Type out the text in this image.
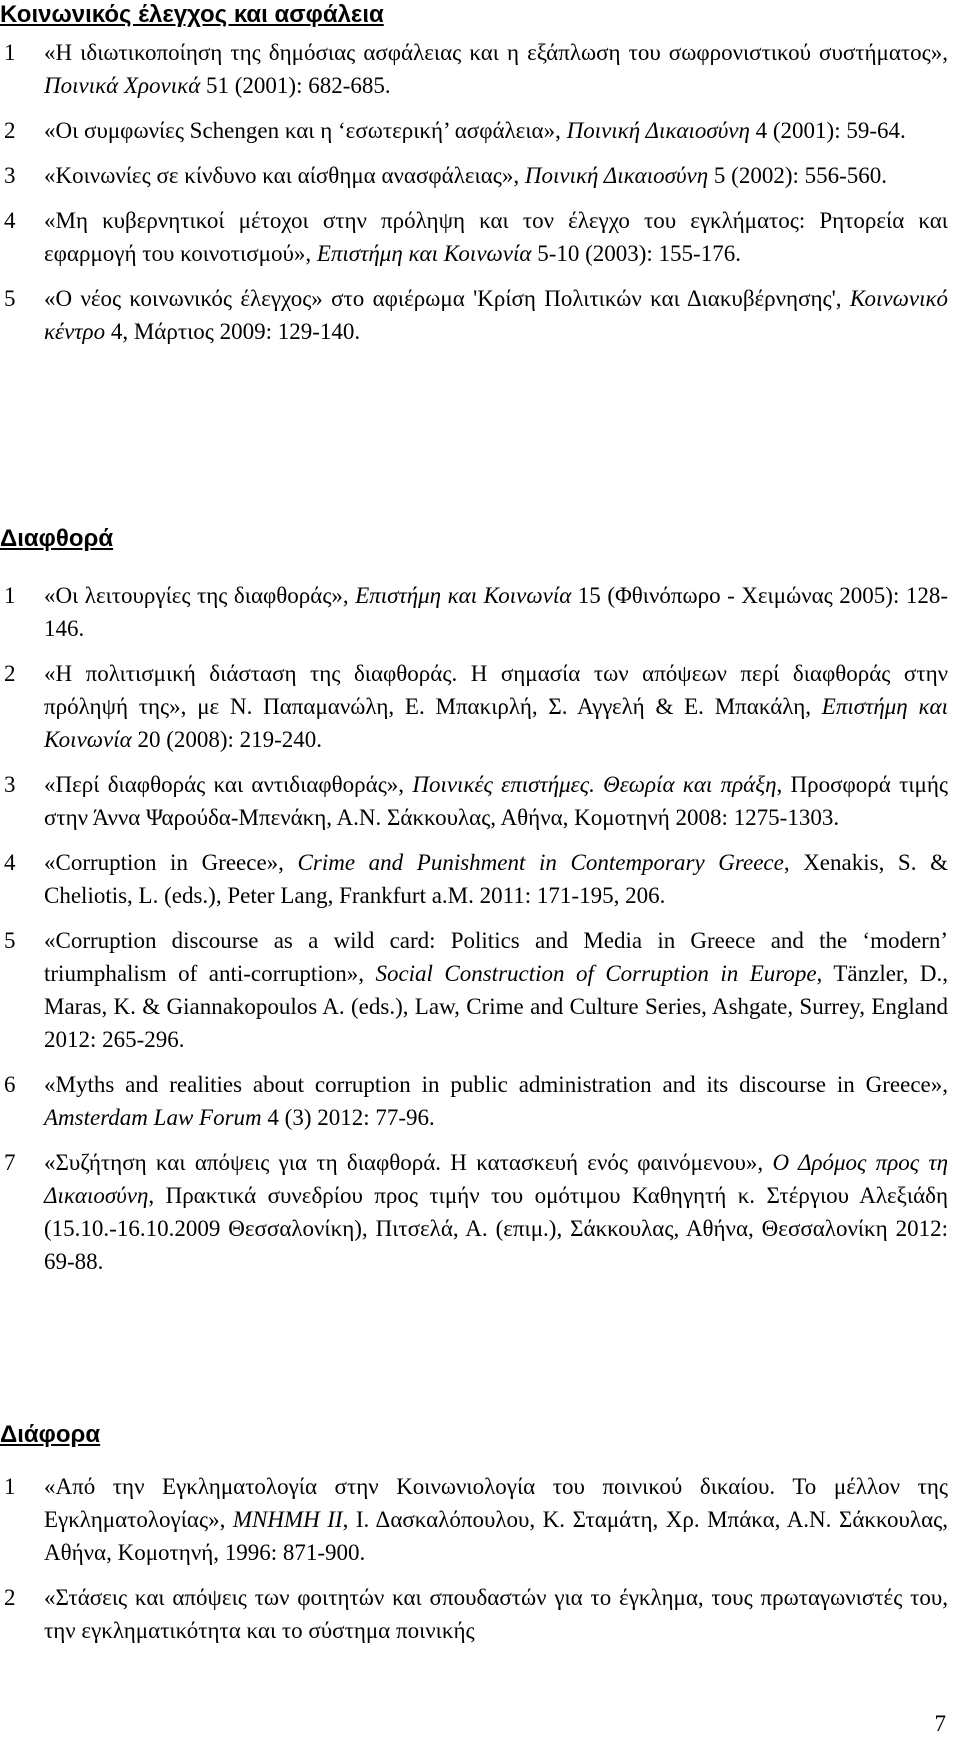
Κοινωνικός έλεγχος και ασφάλεια
1 «Η ιδιωτικοποίηση της δημόσιας ασφάλειας και η εξάπλωση του σωφρονιστικού συστήματος», Ποινικά Χρονικά 51 (2001): 682-685.
2 «Οι συμφωνίες Schengen και η ‘εσωτερική’ ασφάλεια», Ποινική Δικαιοσύνη 4 (2001): 59-64.
3 «Κοινωνίες σε κίνδυνο και αίσθημα ανασφάλειας», Ποινική Δικαιοσύνη 5 (2002): 556-560.
4 «Μη κυβερνητικοί μέτοχοι στην πρόληψη και τον έλεγχο του εγκλήματος: Ρητορεία και εφαρμογή του κοινοτισμού», Επιστήμη και Κοινωνία 5-10 (2003): 155-176.
5 «Ο νέος κοινωνικός έλεγχος» στο αφιέρωμα 'Κρίση Πολιτικών και Διακυβέρνησης', Κοινωνικό κέντρο 4, Μάρτιος 2009: 129-140.
Διαφθορά
1 «Οι λειτουργίες της διαφθοράς», Επιστήμη και Κοινωνία 15 (Φθινόπωρο - Χειμώνας 2005): 128-146.
2 «Η πολιτισμική διάσταση της διαφθοράς. Η σημασία των απόψεων περί διαφθοράς στην πρόληψή της», με Ν. Παπαμανώλη, Ε. Μπακιρλή, Σ. Αγγελή & Ε. Μπακάλη, Επιστήμη και Κοινωνία 20 (2008): 219-240.
3 «Περί διαφθοράς και αντιδιαφθοράς», Ποινικές επιστήμες. Θεωρία και πράξη, Προσφορά τιμής στην Άννα Ψαρούδα-Μπενάκη, Α.Ν. Σάκκουλας, Αθήνα, Κομοτηνή 2008: 1275-1303.
4 «Corruption in Greece», Crime and Punishment in Contemporary Greece, Xenakis, S. & Cheliotis, L. (eds.), Peter Lang, Frankfurt a.M. 2011: 171-195, 206.
5 «Corruption discourse as a wild card: Politics and Media in Greece and the ‘modern’ triumphalism of anti-corruption», Social Construction of Corruption in Europe, Tänzler, D., Maras, K. & Giannakopoulos A. (eds.), Law, Crime and Culture Series, Ashgate, Surrey, England 2012: 265-296.
6 «Myths and realities about corruption in public administration and its discourse in Greece», Amsterdam Law Forum 4 (3) 2012: 77-96.
7 «Συζήτηση και απόψεις για τη διαφθορά. Η κατασκευή ενός φαινόμενου», Ο Δρόμος προς τη Δικαιοσύνη, Πρακτικά συνεδρίου προς τιμήν του ομότιμου Καθηγητή κ. Στέργιου Αλεξιάδη (15.10.-16.10.2009 Θεσσαλονίκη), Πιτσελά, Α. (επιμ.), Σάκκουλας, Αθήνα, Θεσσαλονίκη 2012: 69-88.
Διάφορα
1 «Από την Εγκληματολογία στην Κοινωνιολογία του ποινικού δικαίου. Το μέλλον της Εγκληματολογίας», ΜΝΗΜΗ ΙΙ, Ι. Δασκαλόπουλου, Κ. Σταμάτη, Χρ. Μπάκα, Α.Ν. Σάκκουλας, Αθήνα, Κομοτηνή, 1996: 871-900.
2 «Στάσεις και απόψεις των φοιτητών και σπουδαστών για το έγκλημα, τους πρωταγωνιστές του, την εγκληματικότητα και το σύστημα ποινικής
7
